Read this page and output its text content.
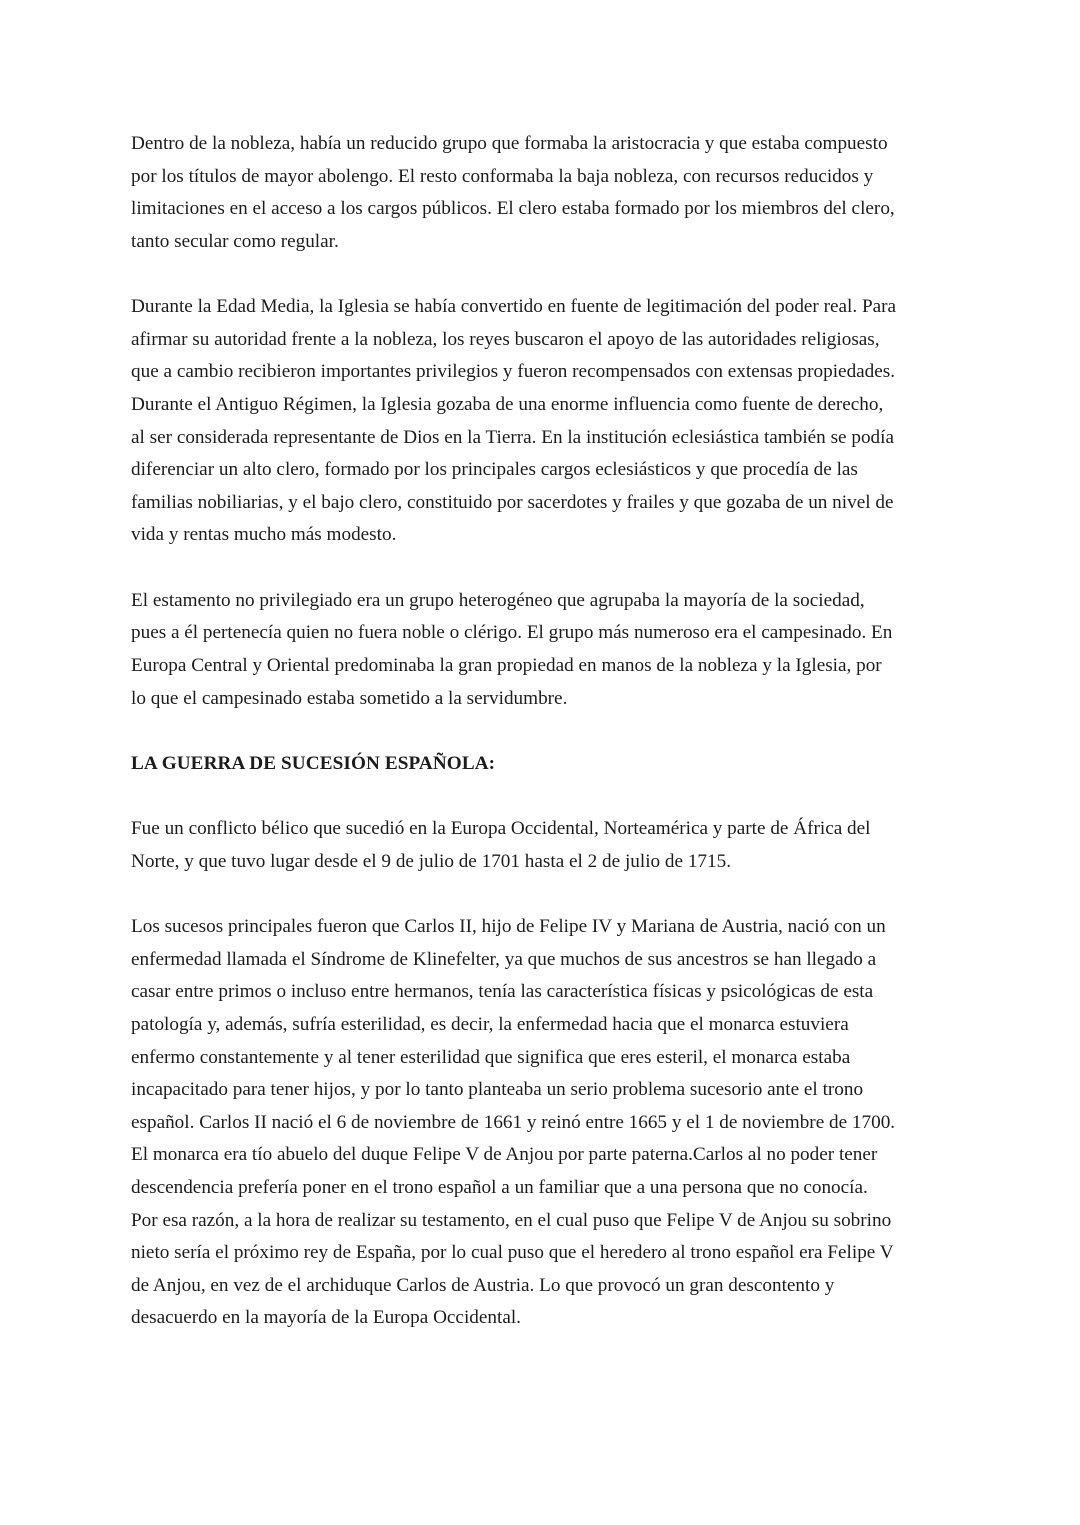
Dentro de la nobleza, había un reducido grupo que formaba la aristocracia y que estaba compuesto
por los títulos de mayor abolengo. El resto conformaba la baja nobleza, con recursos reducidos y
limitaciones en el acceso a los cargos públicos. El clero estaba formado por los miembros del clero,
tanto secular como regular.

Durante la Edad Media, la Iglesia se había convertido en fuente de legitimación del poder real. Para
afirmar su autoridad frente a la nobleza, los reyes buscaron el apoyo de las autoridades religiosas,
que a cambio recibieron importantes privilegios y fueron recompensados con extensas propiedades.
Durante el Antiguo Régimen, la Iglesia gozaba de una enorme influencia como fuente de derecho,
al ser considerada representante de Dios en la Tierra. En la institución eclesiástica también se podía
diferenciar un alto clero, formado por los principales cargos eclesiásticos y que procedía de las
familias nobiliarias, y el bajo clero, constituido por sacerdotes y frailes y que gozaba de un nivel de
vida y rentas mucho más modesto.

El estamento no privilegiado era un grupo heterogéneo que agrupaba la mayoría de la sociedad,
pues a él pertenecía quien no fuera noble o clérigo. El grupo más numeroso era el campesinado. En
Europa Central y Oriental predominaba la gran propiedad en manos de la nobleza y la Iglesia, por
lo que el campesinado estaba sometido a la servidumbre.

LA GUERRA DE SUCESIÓN ESPAÑOLA:

Fue un conflicto bélico que sucedió en la Europa Occidental, Norteamérica y parte de África del
Norte, y que tuvo lugar desde el 9 de julio de 1701 hasta el 2 de julio de 1715.

Los sucesos principales fueron que Carlos II, hijo de Felipe IV y Mariana de Austria, nació con un
enfermedad llamada el Síndrome de Klinefelter, ya que muchos de sus ancestros se han llegado a
casar entre primos o incluso entre hermanos, tenía las característica físicas y psicológicas de esta
patología y, además, sufría esterilidad, es decir, la enfermedad hacia que el monarca estuviera
enfermo constantemente y al tener esterilidad que significa que eres esteril, el monarca estaba
incapacitado para tener hijos, y por lo tanto planteaba un serio problema sucesorio ante el trono
español. Carlos II nació el 6 de noviembre de 1661 y reinó entre 1665 y el 1 de noviembre de 1700.
El monarca era tío abuelo del duque Felipe V de Anjou por parte paterna.Carlos al no poder tener
descendencia prefería poner en el trono español a un familiar que a una persona que no conocía.
Por esa razón, a la hora de realizar su testamento, en el cual puso que Felipe V de Anjou su sobrino
nieto sería el próximo rey de España, por lo cual puso que el heredero al trono español era Felipe V
de Anjou, en vez de el archiduque Carlos de Austria. Lo que provocó un gran descontento y
desacuerdo en la mayoría de la Europa Occidental.
